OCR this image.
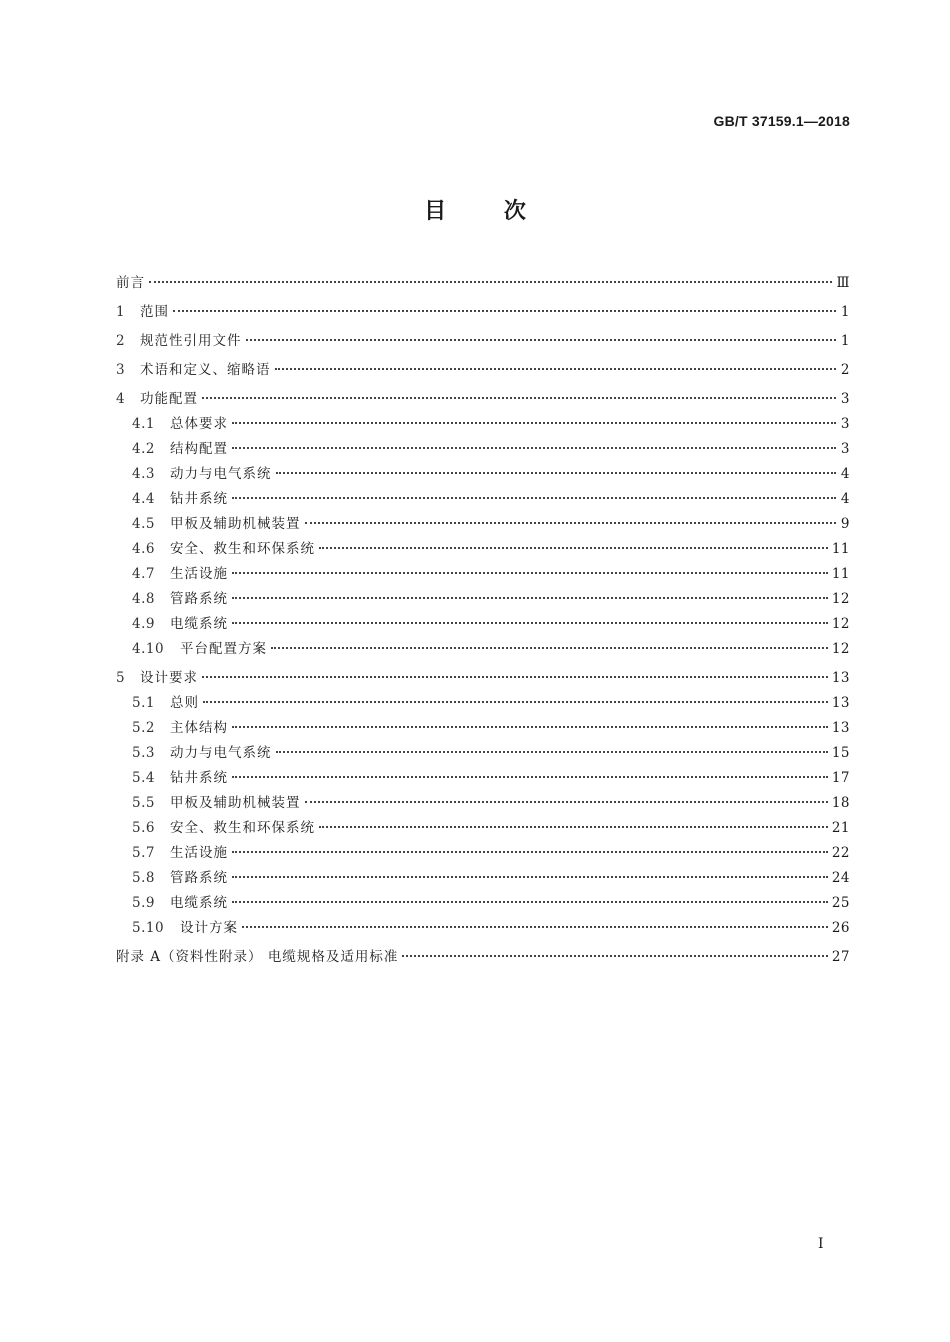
GB/T 37159.1—2018
目 次
前言	Ⅲ
1	范围	1
2	规范性引用文件	1
3	术语和定义、缩略语	2
4	功能配置	3
4.1	总体要求	3
4.2	结构配置	3
4.3	动力与电气系统	4
4.4	钻井系统	4
4.5	甲板及辅助机械装置	9
4.6	安全、救生和环保系统	11
4.7	生活设施	11
4.8	管路系统	12
4.9	电缆系统	12
4.10	平台配置方案	12
5	设计要求	13
5.1	总则	13
5.2	主体结构	13
5.3	动力与电气系统	15
5.4	钻井系统	17
5.5	甲板及辅助机械装置	18
5.6	安全、救生和环保系统	21
5.7	生活设施	22
5.8	管路系统	24
5.9	电缆系统	25
5.10	设计方案	26
附录 A（资料性附录） 电缆规格及适用标准	27
I
